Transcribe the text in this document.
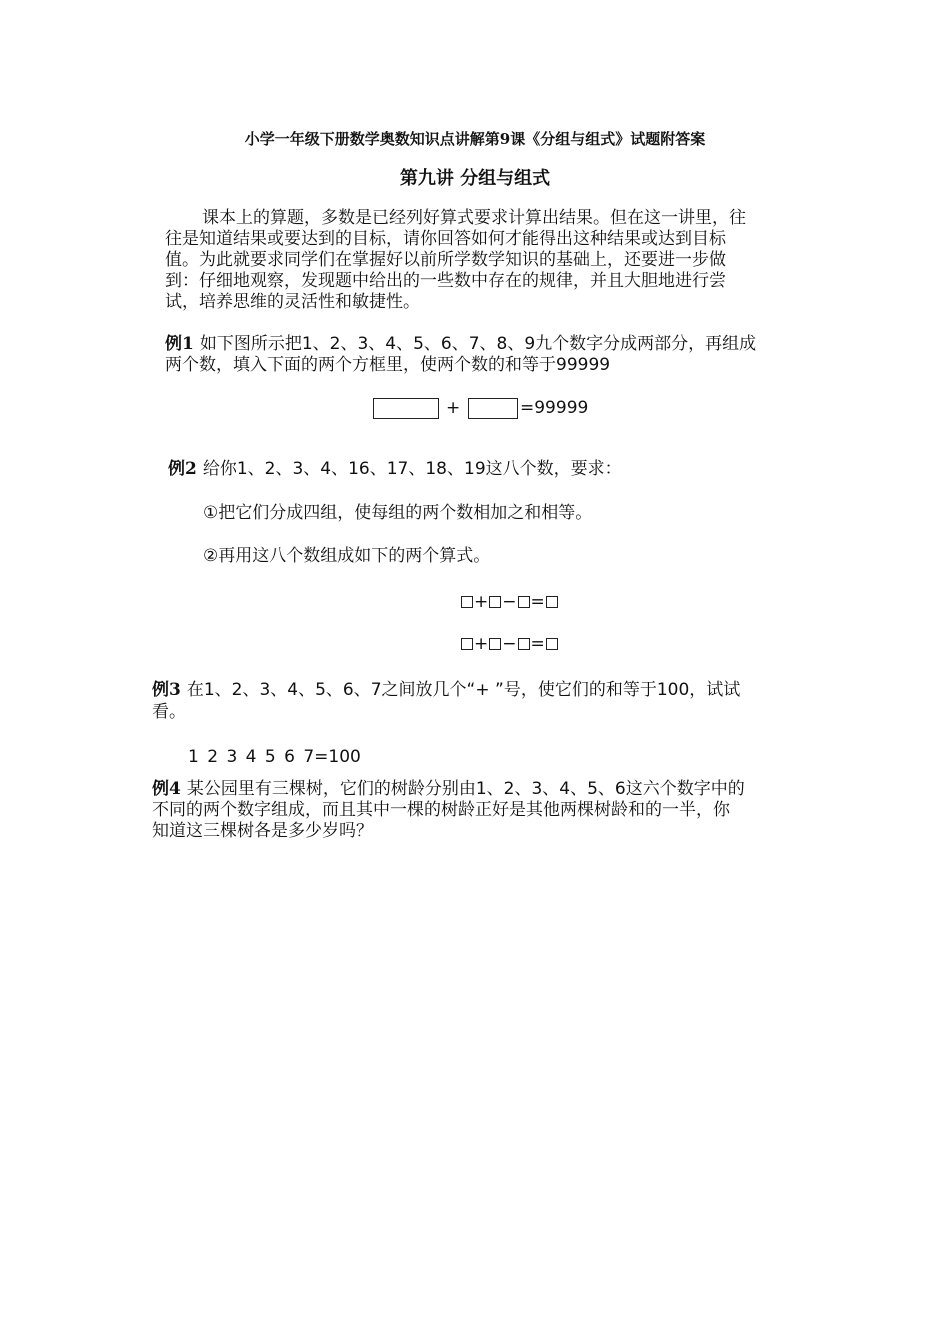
小学一年级下册数学奥数知识点讲解第9课《分组与组式》试题附答案
第九讲 分组与组式
课本上的算题，多数是已经列好算式要求计算出结果。但在这一讲里，往
往是知道结果或要达到的目标，请你回答如何才能得出这种结果或达到目标
值。为此就要求同学们在掌握好以前所学数学知识的基础上，还要进一步做
到：仔细地观察，发现题中给出的一些数中存在的规律，并且大胆地进行尝
试，培养思维的灵活性和敏捷性。
例1 如下图所示把1、2、3、4、5、6、7、8、9九个数字分成两部分，再组成
两个数，填入下面的两个方框里，使两个数的和等于99999
+	=99999
例2 给你1、2、3、4、16、17、18、19这八个数，要求：
①把它们分成四组，使每组的两个数相加之和相等。
②再用这八个数组成如下的两个算式。
+ − =
+ − =
例3 在1、2、3、4、5、6、7之间放几个“+ ”号，使它们的和等于100，试试
看。
1 2 3 4 5 6 7=100
例4 某公园里有三棵树，它们的树龄分别由1、2、3、4、5、6这六个数字中的
不同的两个数字组成，而且其中一棵的树龄正好是其他两棵树龄和的一半，你
知道这三棵树各是多少岁吗？
